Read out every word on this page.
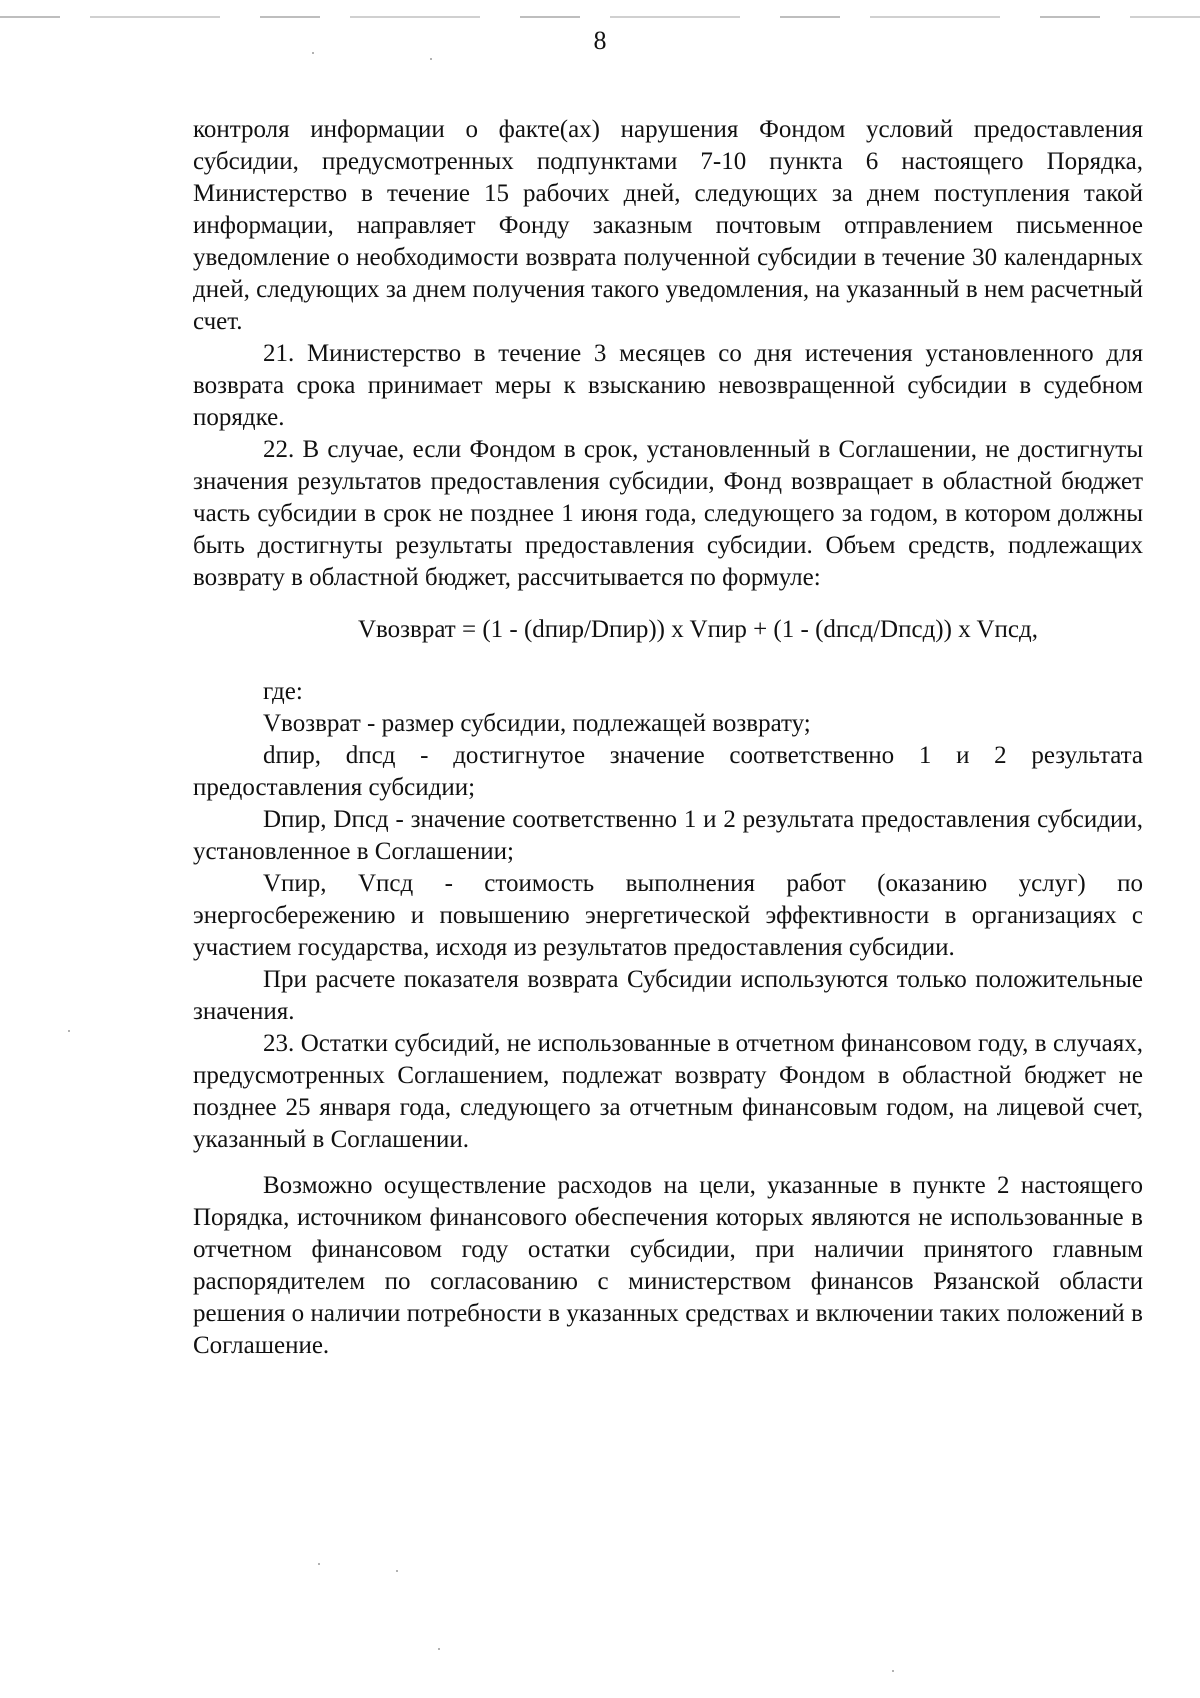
8

контроля информации о факте(ах) нарушения Фондом условий предоставления субсидии, предусмотренных подпунктами 7-10 пункта 6 настоящего Порядка, Министерство в течение 15 рабочих дней, следующих за днем поступления такой информации, направляет Фонду заказным почтовым отправлением письменное уведомление о необходимости возврата полученной субсидии в течение 30 календарных дней, следующих за днем получения такого уведомления, на указанный в нем расчетный счет.

21. Министерство в течение 3 месяцев со дня истечения установленного для возврата срока принимает меры к взысканию невозвращенной субсидии в судебном порядке.

22. В случае, если Фондом в срок, установленный в Соглашении, не достигнуты значения результатов предоставления субсидии, Фонд возвращает в областной бюджет часть субсидии в срок не позднее 1 июня года, следующего за годом, в котором должны быть достигнуты результаты предоставления субсидии. Объем средств, подлежащих возврату в областной бюджет, рассчитывается по формуле:

Vвозврат = (1 - (dпир/Dпир)) x Vпир + (1 - (dпсд/Dпсд)) x Vпсд,

где:

Vвозврат - размер субсидии, подлежащей возврату;

dпир, dпсд - достигнутое значение соответственно 1 и 2 результата предоставления субсидии;

Dпир, Dпсд - значение соответственно 1 и 2 результата предоставления субсидии, установленное в Соглашении;

Vпир, Vпсд - стоимость выполнения работ (оказанию услуг) по энергосбережению и повышению энергетической эффективности в организациях с участием государства, исходя из результатов предоставления субсидии.

При расчете показателя возврата Субсидии используются только положительные значения.

23. Остатки субсидий, не использованные в отчетном финансовом году, в случаях, предусмотренных Соглашением, подлежат возврату Фондом в областной бюджет не позднее 25 января года, следующего за отчетным финансовым годом, на лицевой счет, указанный в Соглашении.

Возможно осуществление расходов на цели, указанные в пункте 2 настоящего Порядка, источником финансового обеспечения которых являются не использованные в отчетном финансовом году остатки субсидии, при наличии принятого главным распорядителем по согласованию с министерством финансов Рязанской области решения о наличии потребности в указанных средствах и включении таких положений в Соглашение.
